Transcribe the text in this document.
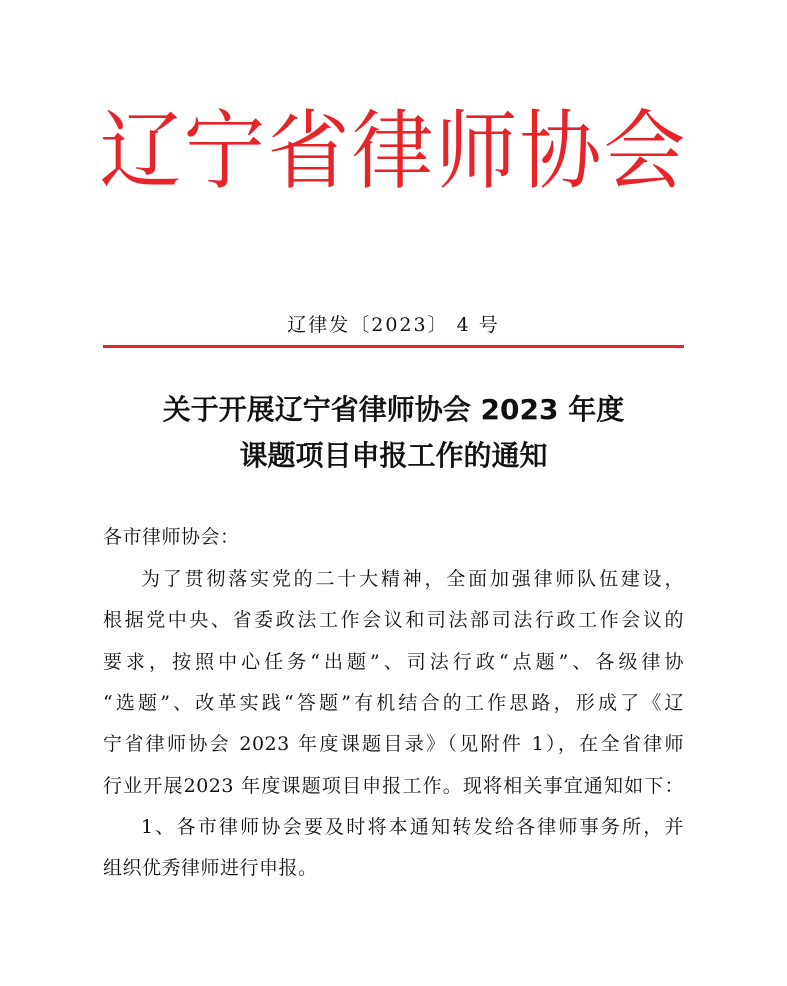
辽宁省律师协会
辽律发〔2023〕 4 号
关于开展辽宁省律师协会 2023 年度
课题项目申报工作的通知
各市律师协会：
为了贯彻落实党的二十大精神，全面加强律师队伍建设，
根据党中央、省委政法工作会议和司法部司法行政工作会议的
要求，按照中心任务“出题”、司法行政“点题”、各级律协
“选题”、改革实践“答题”有机结合的工作思路，形成了《辽
宁省律师协会 2023 年度课题目录》（见附件 1），在全省律师
行业开展2023 年度课题项目申报工作。现将相关事宜通知如下：
1、各市律师协会要及时将本通知转发给各律师事务所，并
组织优秀律师进行申报。
